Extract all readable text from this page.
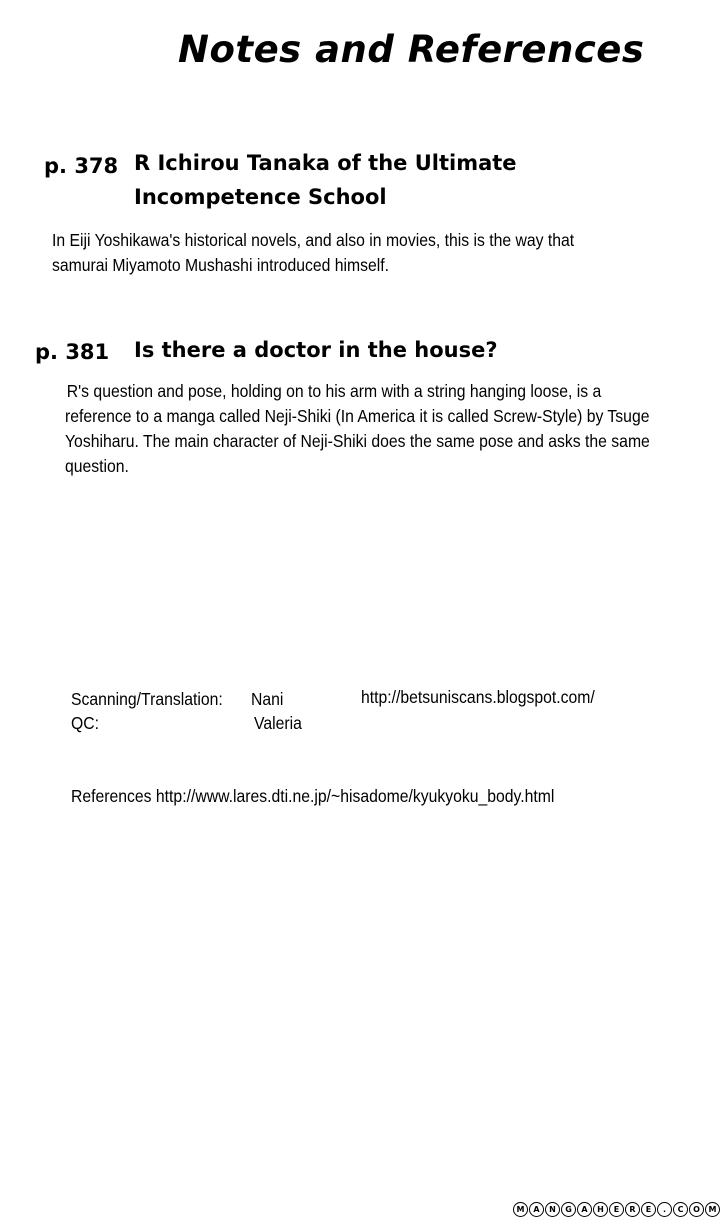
Notes and References
p. 378 R Ichirou Tanaka of the Ultimate
Incompetence School
In Eiji Yoshikawa's historical novels, and also in movies, this is the way that
samurai Miyamoto Mushashi introduced himself.
p. 381 Is there a doctor in the house?
R's question and pose, holding on to his arm with a string hanging loose, is a
reference to a manga called Neji-Shiki (In America it is called Screw-Style) by Tsuge
Yoshiharu. The main character of Neji-Shiki does the same pose and asks the same
question.
Scanning/Translation: Nani	http://betsuniscans.blogspot.com/
QC:	Valeria
References http://www.lares.dti.ne.jp/~hisadome/kyukyoku_body.html
M	A	N	G	A	H	E	R	E	.	C	O	M
